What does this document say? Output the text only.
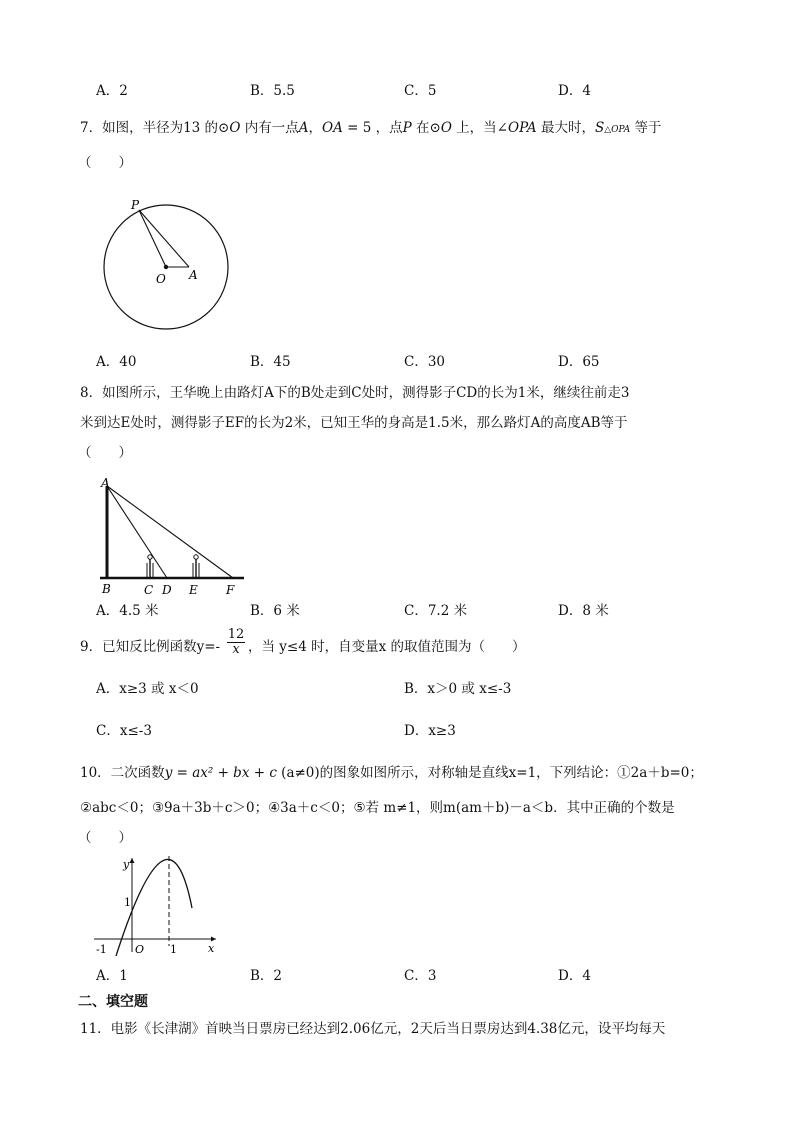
A．2	B．5.5	C．5	D．4
7．如图，半径为13 的⊙O 内有一点A，OA = 5 ，点P 在⊙O 上，当∠OPA 最大时，S△OPA 等于
（　　）
P
O A
A．40	B．45	C．30	D．65
8．如图所示，王华晚上由路灯A下的B处走到C处时，测得影子CD的长为1米，继续往前走3
米到达E处时，测得影子EF的长为2米，已知王华的身高是1.5米，那么路灯A的高度AB等于
（　　）
A
B	C D E F
A．4.5 米	B．6 米	C．7.2 米	D．8 米
9．已知反比例函数$y=- \frac{12}{x}$ ，当 y≤4 时，自变量x 的取值范围为（　　）
A．x≥3 或 x＜0	B．x＞0 或 x≤-3
C．x≤-3	D．x≥3
10．二次函数y = ax² + bx + c (a≠0)的图象如图所示，对称轴是直线x=1，下列结论：①2a＋b=0；
②abc＜0；③9a＋3b＋c＞0；④3a＋c＜0；⑤若 m≠1，则m(am＋b)－a＜b．其中正确的个数是
（　　）
y
x
O
1
-1	1
A．1	B．2	C．3	D．4
二、填空题
11．电影《长津湖》首映当日票房已经达到2.06亿元，2天后当日票房达到4.38亿元，设平均每天
